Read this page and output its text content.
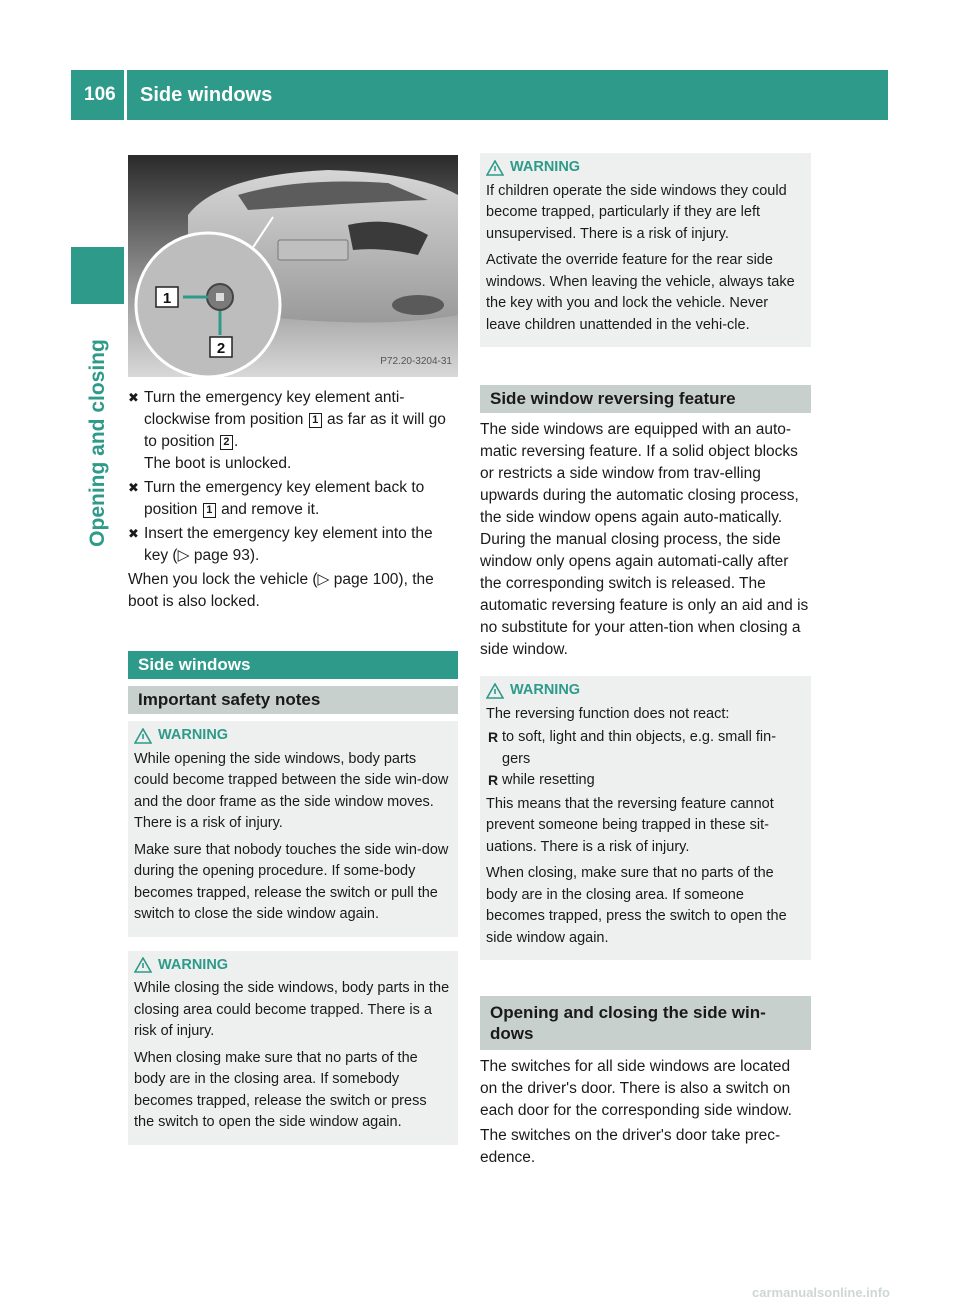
106 Side windows
Opening and closing
1
2
P72.20-3204-31
✖ Turn the emergency key element anti-clockwise from position 1 as far as it will go to position 2 .
The boot is unlocked.
✖ Turn the emergency key element back to position 1 and remove it.
✖ Insert the emergency key element into the key (▷ page 93).

When you lock the vehicle (▷ page 100), the boot is also locked.

Side windows
Important safety notes
WARNING

While opening the side windows, body parts could become trapped between the side win-dow and the door frame as the side window moves. There is a risk of injury.

Make sure that nobody touches the side win-dow during the opening procedure. If some-body becomes trapped, release the switch or pull the switch to close the side window again.

WARNING

While closing the side windows, body parts in the closing area could become trapped. There is a risk of injury.

When closing make sure that no parts of the body are in the closing area. If somebody becomes trapped, release the switch or press the switch to open the side window again.

WARNING

If children operate the side windows they could become trapped, particularly if they are left unsupervised. There is a risk of injury.

Activate the override feature for the rear side windows. When leaving the vehicle, always take the key with you and lock the vehicle. Never leave children unattended in the vehi-cle.

Side window reversing feature

The side windows are equipped with an auto-matic reversing feature. If a solid object blocks or restricts a side window from trav-elling upwards during the automatic closing process, the side window opens again auto-matically. During the manual closing process, the side window only opens again automati-cally after the corresponding switch is released. The automatic reversing feature is only an aid and is no substitute for your atten-tion when closing a side window.

WARNING

The reversing function does not react:

R to soft, light and thin objects, e.g. small fin-gers
R while resetting

This means that the reversing feature cannot prevent someone being trapped in these sit-uations. There is a risk of injury.

When closing, make sure that no parts of the body are in the closing area. If someone becomes trapped, press the switch to open the side window again.

Opening and closing the side win-dows

The switches for all side windows are located on the driver's door. There is also a switch on each door for the corresponding side window.

The switches on the driver's door take prec-edence.

carmanualsonline.info
